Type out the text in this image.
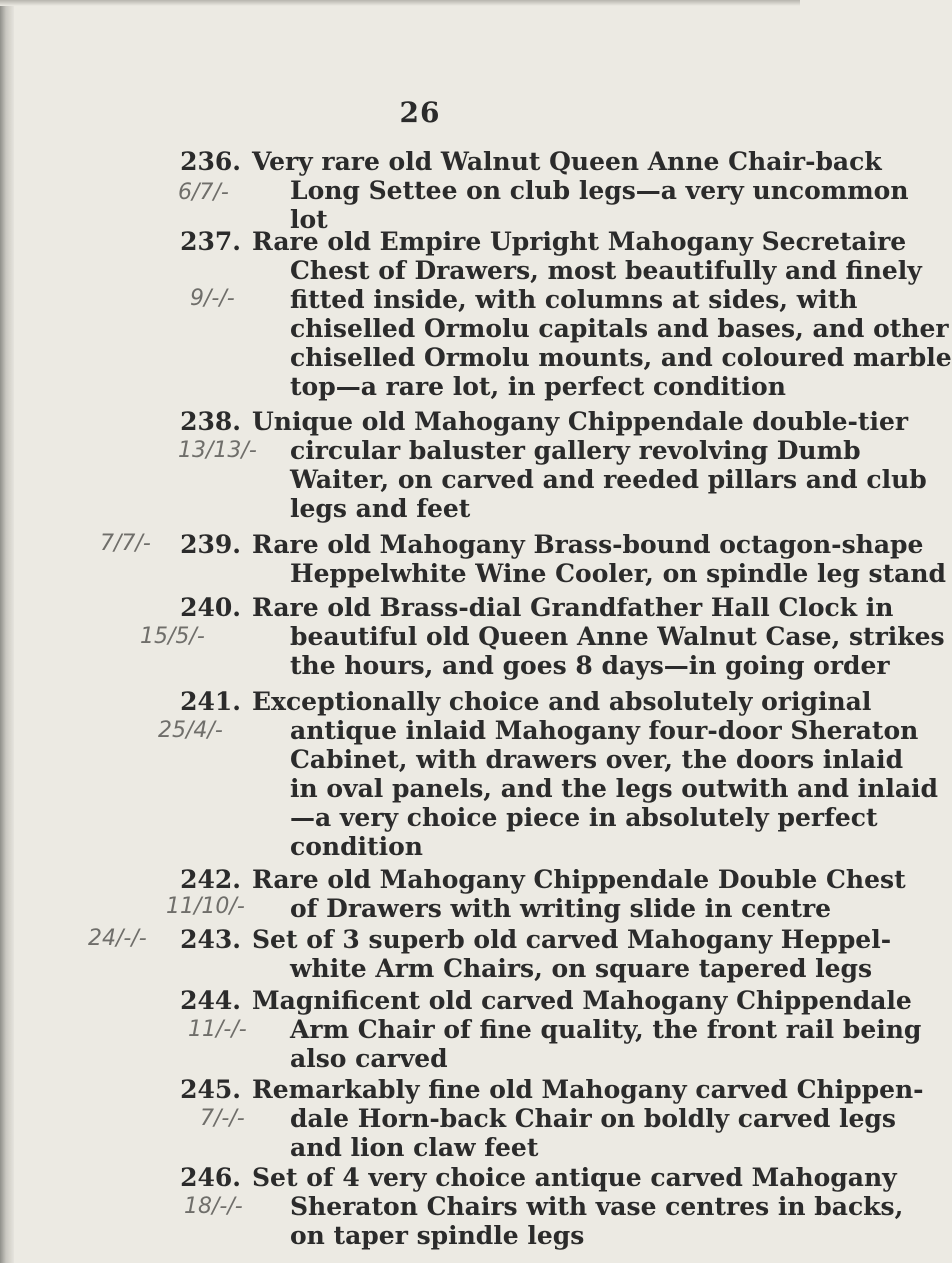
26
236. Very rare old Walnut Queen Anne Chair-back
Long Settee on club legs—a very uncommon
lot
6/7/-
237. Rare old Empire Upright Mahogany Secretaire
Chest of Drawers, most beautifully and finely
fitted inside, with columns at sides, with
chiselled Ormolu capitals and bases, and other
chiselled Ormolu mounts, and coloured marble
top—a rare lot, in perfect condition
9/-/-
238. Unique old Mahogany Chippendale double-tier
circular baluster gallery revolving Dumb
Waiter, on carved and reeded pillars and club
legs and feet
13/13/-
239. Rare old Mahogany Brass-bound octagon-shape
Heppelwhite Wine Cooler, on spindle leg stand
7/7/-
240. Rare old Brass-dial Grandfather Hall Clock in
beautiful old Queen Anne Walnut Case, strikes
the hours, and goes 8 days—in going order
15/5/-
241. Exceptionally choice and absolutely original
antique inlaid Mahogany four-door Sheraton
Cabinet, with drawers over, the doors inlaid
in oval panels, and the legs outwith and inlaid
—a very choice piece in absolutely perfect
condition
25/4/-
242. Rare old Mahogany Chippendale Double Chest
of Drawers with writing slide in centre
11/10/-
243. Set of 3 superb old carved Mahogany Heppel-
white Arm Chairs, on square tapered legs
24/-/-
244. Magnificent old carved Mahogany Chippendale
Arm Chair of fine quality, the front rail being
also carved
11/-/-
245. Remarkably fine old Mahogany carved Chippen-
dale Horn-back Chair on boldly carved legs
and lion claw feet
7/-/-
246. Set of 4 very choice antique carved Mahogany
Sheraton Chairs with vase centres in backs,
on taper spindle legs
18/-/-
